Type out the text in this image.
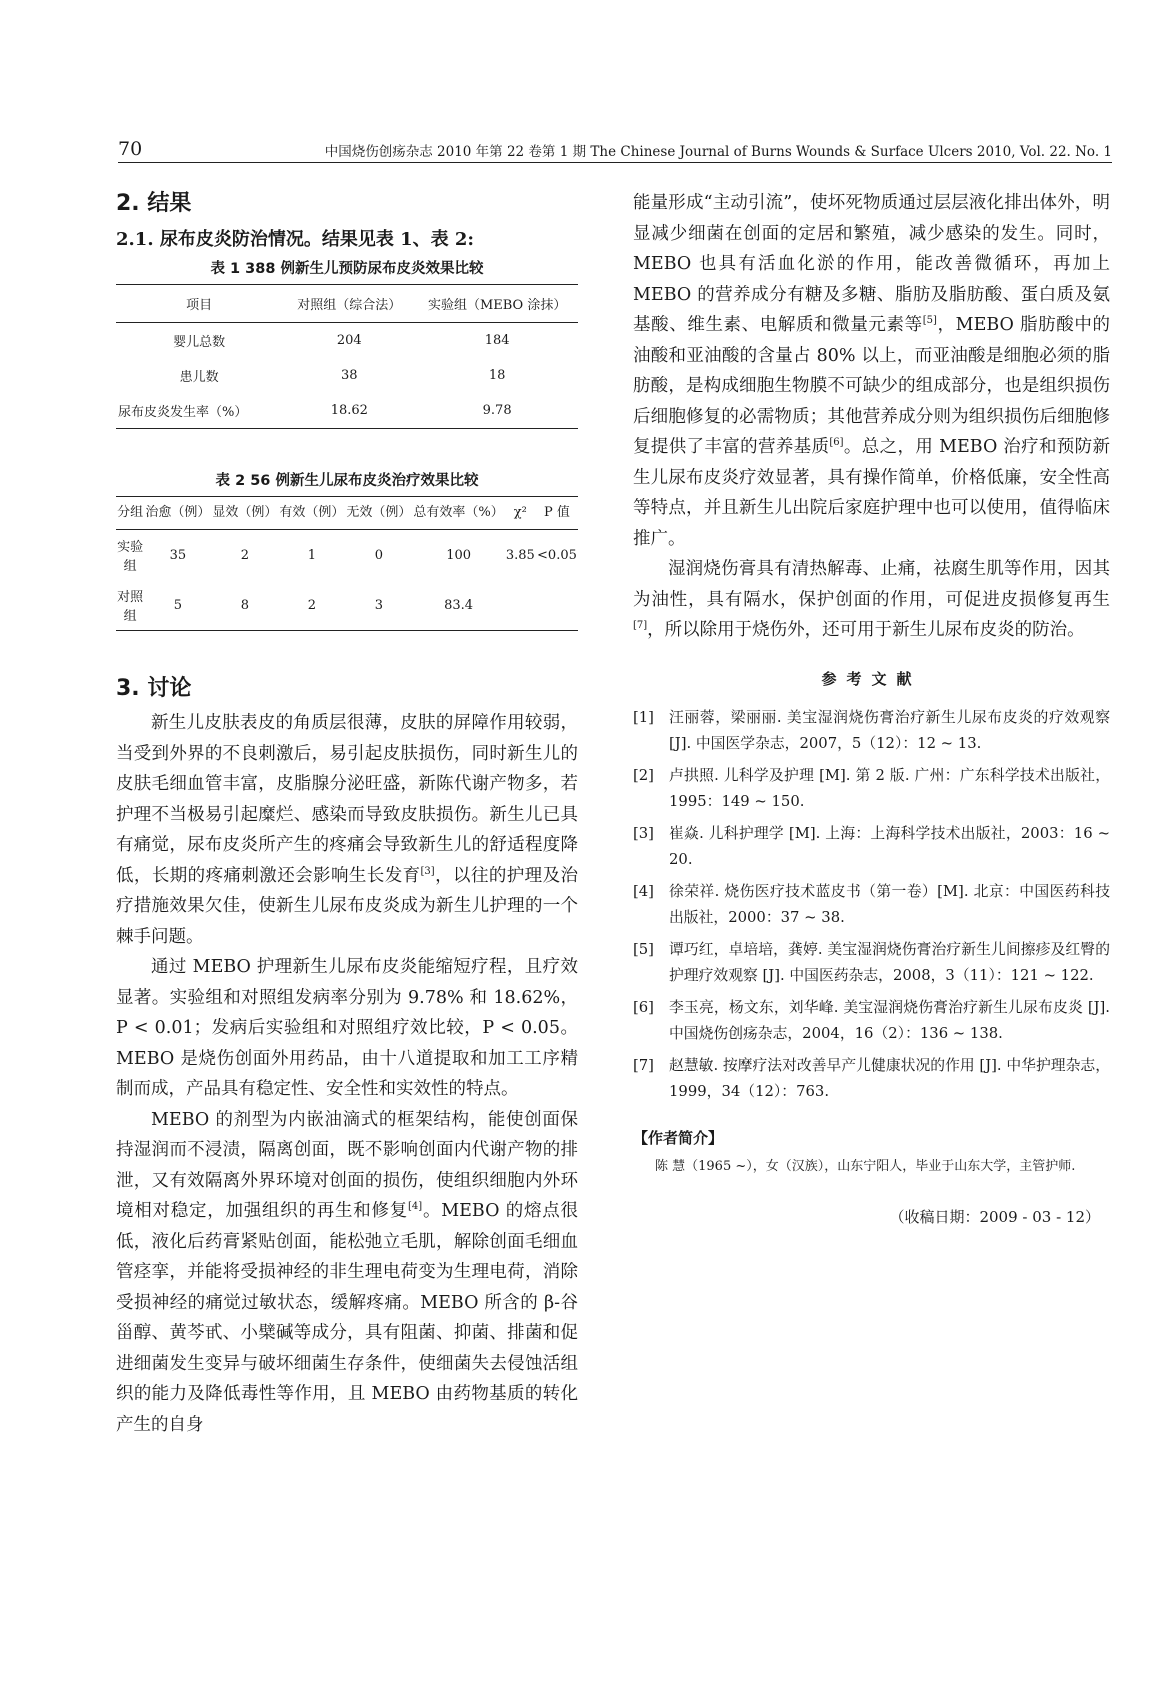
70	中国烧伤创疡杂志 2010 年第 22 卷第 1 期 The Chinese Journal of Burns Wounds & Surface Ulcers 2010, Vol. 22. No. 1
2. 结果
2.1. 尿布皮炎防治情况。结果见表 1、表 2:
表 1 388 例新生儿预防尿布皮炎效果比较
项目	对照组（综合法）	实验组（MEBO 涂抹）
婴儿总数	204	184
患儿数	38	18
尿布皮炎发生率（%）	18.62	9.78
表 2 56 例新生儿尿布皮炎治疗效果比较
分组	治愈（例）	显效（例）	有效（例）	无效（例）	总有效率（%）	χ²	P 值
实验组	35	2	1	0	100	3.85	<0.05
对照组	5	8	2	3	83.4		
3. 讨论

新生儿皮肤表皮的角质层很薄，皮肤的屏障作用较弱，当受到外界的不良刺激后，易引起皮肤损伤，同时新生儿的皮肤毛细血管丰富，皮脂腺分泌旺盛，新陈代谢产物多，若护理不当极易引起糜烂、感染而导致皮肤损伤。新生儿已具有痛觉，尿布皮炎所产生的疼痛会导致新生儿的舒适程度降低，长期的疼痛刺激还会影响生长发育[3]，以往的护理及治疗措施效果欠佳，使新生儿尿布皮炎成为新生儿护理的一个棘手问题。

通过 MEBO 护理新生儿尿布皮炎能缩短疗程，且疗效显著。实验组和对照组发病率分别为 9.78% 和 18.62%，P < 0.01；发病后实验组和对照组疗效比较，P < 0.05。MEBO 是烧伤创面外用药品，由十八道提取和加工工序精制而成，产品具有稳定性、安全性和实效性的特点。

MEBO 的剂型为内嵌油滴式的框架结构，能使创面保持湿润而不浸渍，隔离创面，既不影响创面内代谢产物的排泄，又有效隔离外界环境对创面的损伤，使组织细胞内外环境相对稳定，加强组织的再生和修复[4]。MEBO 的熔点很低，液化后药膏紧贴创面，能松弛立毛肌，解除创面毛细血管痉挛，并能将受损神经的非生理电荷变为生理电荷，消除受损神经的痛觉过敏状态，缓解疼痛。MEBO 所含的 β-谷甾醇、黄芩甙、小檗碱等成分，具有阻菌、抑菌、排菌和促进细菌发生变异与破坏细菌生存条件，使细菌失去侵蚀活组织的能力及降低毒性等作用，且 MEBO 由药物基质的转化产生的自身

能量形成“主动引流”，使坏死物质通过层层液化排出体外，明显减少细菌在创面的定居和繁殖，减少感染的发生。同时，MEBO 也具有活血化淤的作用，能改善微循环，再加上 MEBO 的营养成分有糖及多糖、脂肪及脂肪酸、蛋白质及氨基酸、维生素、电解质和微量元素等[5]，MEBO 脂肪酸中的油酸和亚油酸的含量占 80% 以上，而亚油酸是细胞必须的脂肪酸，是构成细胞生物膜不可缺少的组成部分，也是组织损伤后细胞修复的必需物质；其他营养成分则为组织损伤后细胞修复提供了丰富的营养基质[6]。总之，用 MEBO 治疗和预防新生儿尿布皮炎疗效显著，具有操作简单，价格低廉，安全性高等特点，并且新生儿出院后家庭护理中也可以使用，值得临床推广。

湿润烧伤膏具有清热解毒、止痛，祛腐生肌等作用，因其为油性，具有隔水，保护创面的作用，可促进皮损修复再生[7]，所以除用于烧伤外，还可用于新生儿尿布皮炎的防治。

参考文献
[1]	汪丽蓉，梁丽丽. 美宝湿润烧伤膏治疗新生儿尿布皮炎的疗效观察 [J]. 中国医学杂志，2007，5（12）：12 ~ 13.
[2]	卢拱照. 儿科学及护理 [M]. 第 2 版. 广州：广东科学技术出版社，1995：149 ~ 150.
[3]	崔焱. 儿科护理学 [M]. 上海：上海科学技术出版社，2003：16 ~ 20.
[4]	徐荣祥. 烧伤医疗技术蓝皮书（第一卷）[M]. 北京：中国医药科技出版社，2000：37 ~ 38.
[5]	谭巧红，卓培培，龚婷. 美宝湿润烧伤膏治疗新生儿间擦疹及红臀的护理疗效观察 [J]. 中国医药杂志，2008，3（11）：121 ~ 122.
[6]	李玉亮，杨文东，刘华峰. 美宝湿润烧伤膏治疗新生儿尿布皮炎 [J]. 中国烧伤创疡杂志，2004，16（2）：136 ~ 138.
[7]	赵慧敏. 按摩疗法对改善早产儿健康状况的作用 [J]. 中华护理杂志，1999，34（12）：763.
【作者简介】
陈 慧（1965 ~），女（汉族），山东宁阳人，毕业于山东大学，主管护师.
（收稿日期：2009 - 03 - 12）
